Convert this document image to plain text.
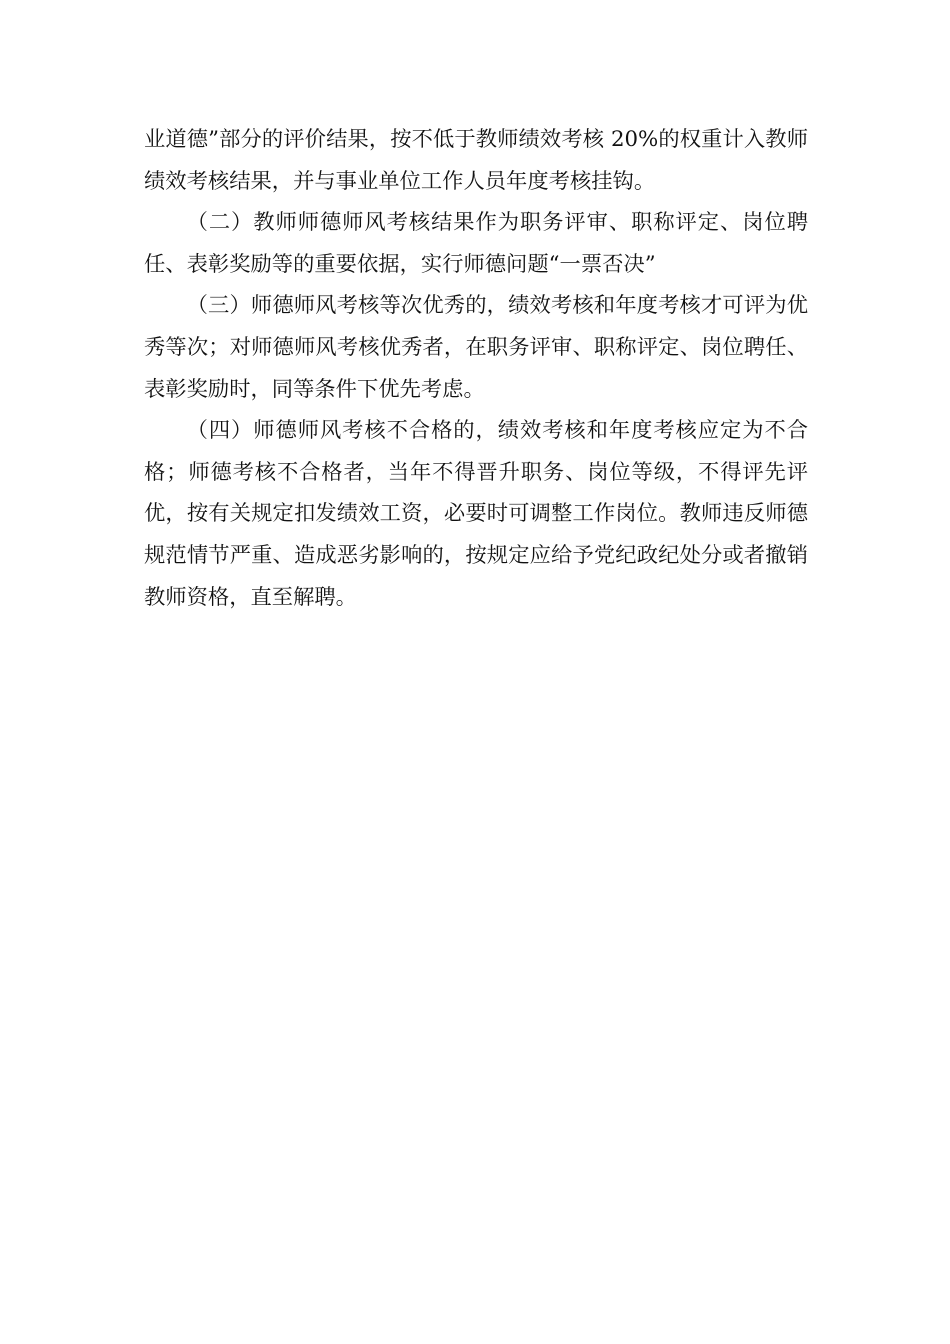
业道德”部分的评价结果，按不低于教师绩效考核 20%的权重计入教师绩效考核结果，并与事业单位工作人员年度考核挂钩。

（二）教师师德师风考核结果作为职务评审、职称评定、岗位聘任、表彰奖励等的重要依据，实行师德问题“一票否决”

（三）师德师风考核等次优秀的，绩效考核和年度考核才可评为优秀等次；对师德师风考核优秀者，在职务评审、职称评定、岗位聘任、表彰奖励时，同等条件下优先考虑。

（四）师德师风考核不合格的，绩效考核和年度考核应定为不合格；师德考核不合格者，当年不得晋升职务、岗位等级，不得评先评优，按有关规定扣发绩效工资，必要时可调整工作岗位。教师违反师德规范情节严重、造成恶劣影响的，按规定应给予党纪政纪处分或者撤销教师资格，直至解聘。
